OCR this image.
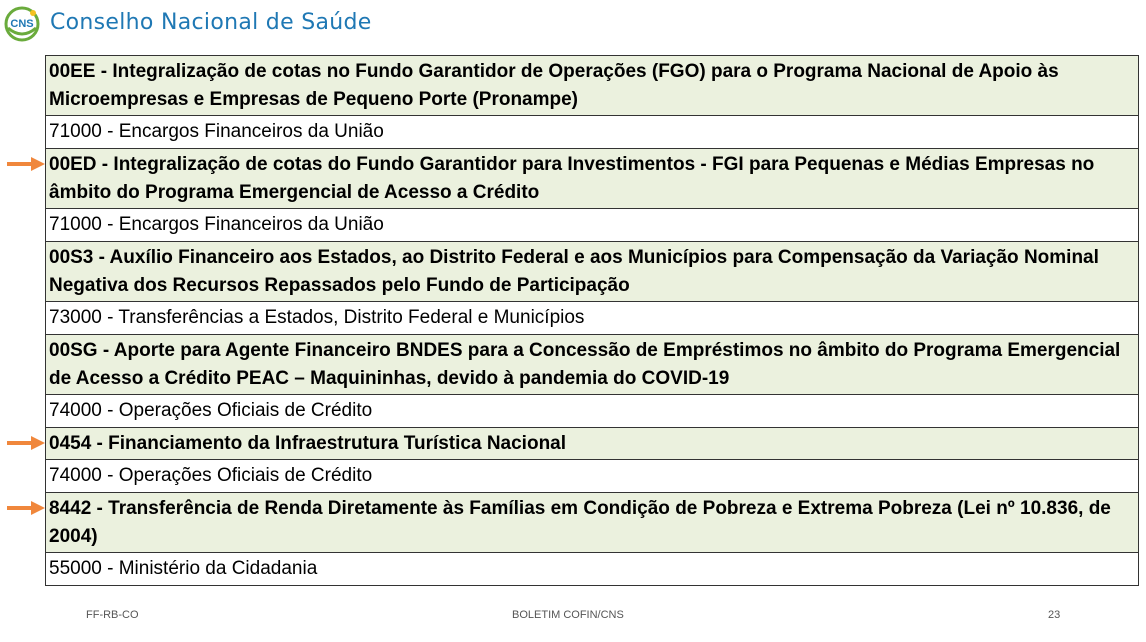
CNS Conselho Nacional de Saúde
00EE - Integralização de cotas no Fundo Garantidor de Operações (FGO) para o Programa Nacional de Apoio às Microempresas e Empresas de Pequeno Porte (Pronampe)
71000 - Encargos Financeiros da União
00ED - Integralização de cotas do Fundo Garantidor para Investimentos - FGI para Pequenas e Médias Empresas no âmbito do Programa Emergencial de Acesso a Crédito
71000 - Encargos Financeiros da União
00S3 - Auxílio Financeiro aos Estados, ao Distrito Federal e aos Municípios para Compensação da Variação Nominal Negativa dos Recursos Repassados pelo Fundo de Participação
73000 - Transferências a Estados, Distrito Federal e Municípios
00SG - Aporte para Agente Financeiro BNDES para a Concessão de Empréstimos no âmbito do Programa Emergencial de Acesso a Crédito PEAC – Maquininhas, devido à pandemia do COVID-19
74000 - Operações Oficiais de Crédito
0454 - Financiamento da Infraestrutura Turística Nacional
74000 - Operações Oficiais de Crédito
8442 - Transferência de Renda Diretamente às Famílias em Condição de Pobreza e Extrema Pobreza (Lei nº 10.836, de 2004)
55000 - Ministério da Cidadania
FF-RB-CO	BOLETIM COFIN/CNS	23
